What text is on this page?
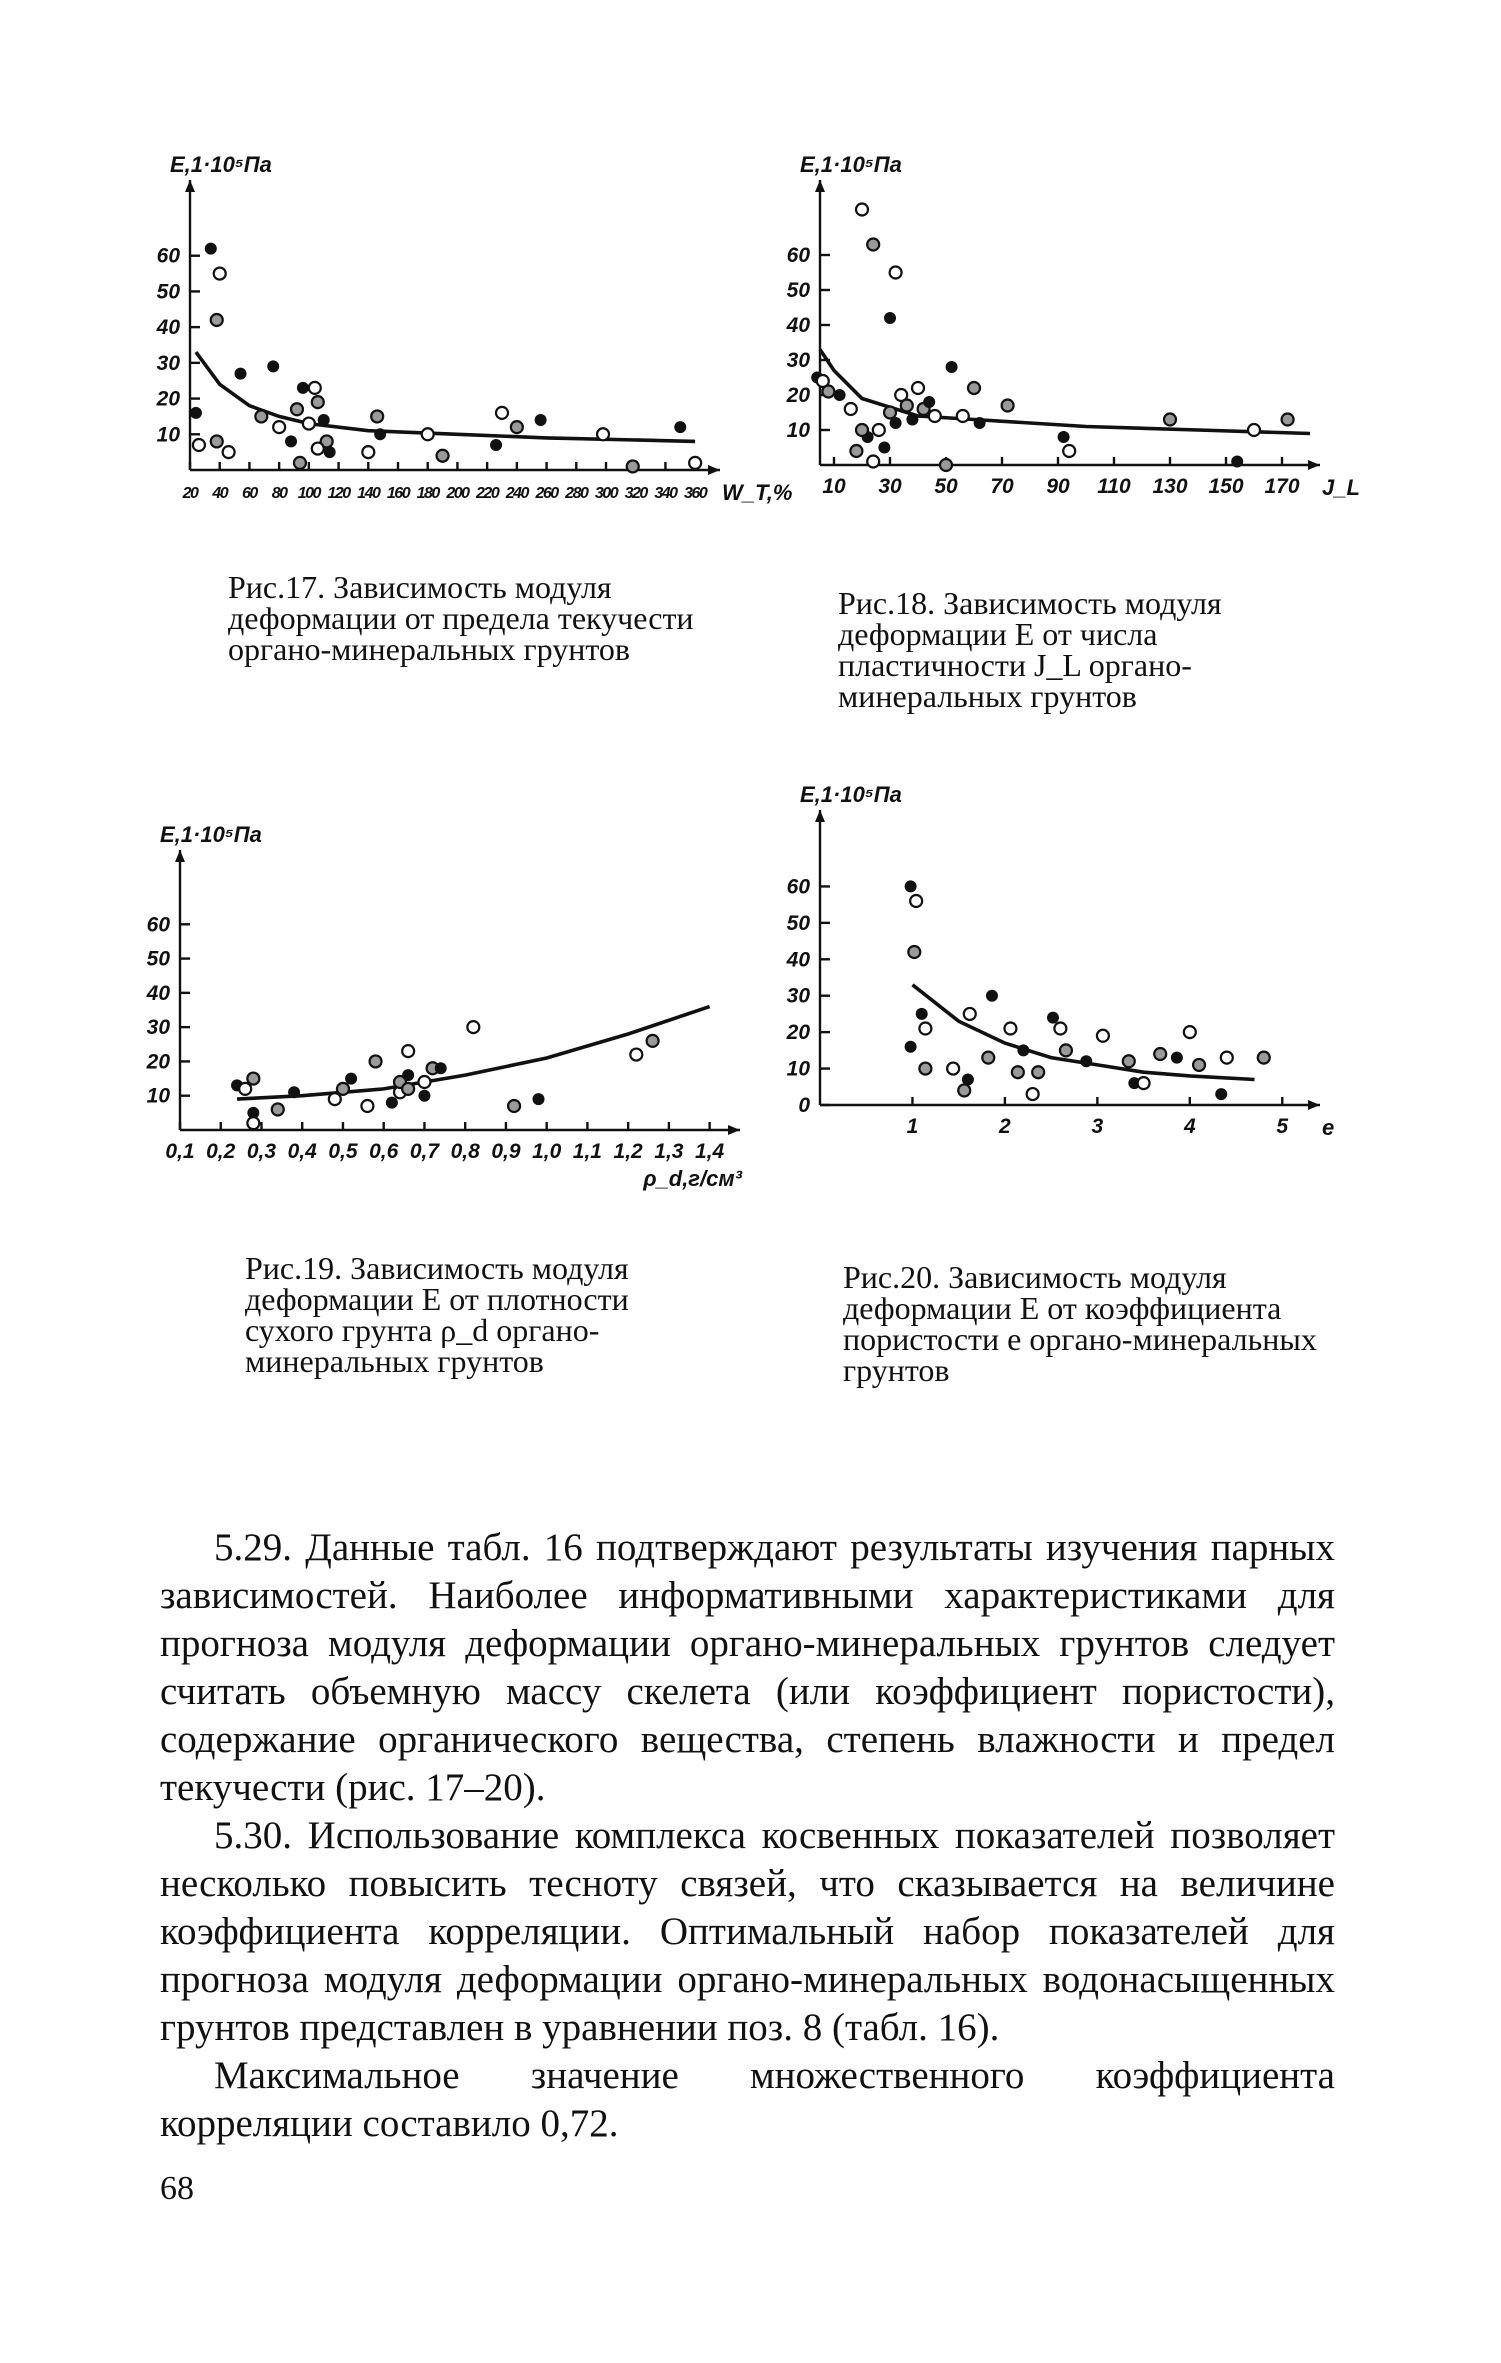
E,1·10⁵Па
60
50
40
30
20
10
20 40 60 80 100 120 140 160 180 200 220 240 260 280 300 320 340 360 W_T,%
Рис.17. Зависимость модуля деформации от предела текучести органо-минеральных грунтов
E,1·10⁵Па
60
50
40
30
20
10
10 30 50 70 90 110 130 150 170 J_L
Рис.18. Зависимость модуля деформации E от числа пластичности J_L органо-минеральных грунтов
E,1·10⁵Па
60
50
40
30
20
10
0,1 0,2 0,3 0,4 0,5 0,6 0,7 0,8 0,9 1,0 1,1 1,2 1,3 1,4
ρ_d,г/см³
Рис.19. Зависимость модуля деформации E от плотности сухого грунта ρ_d органо-минеральных грунтов
E,1·10⁵Па
60
50
40
30
20
10
0
1	2	3	4	5 e
Рис.20. Зависимость модуля деформации E от коэффициента пористости e органо-минеральных грунтов

5.29. Данные табл. 16 подтверждают результаты изучения парных зависимостей. Наиболее информативными характеристиками для прогноза модуля деформации органо-минеральных грунтов следует считать объемную массу скелета (или коэффициент пористости), содержание органического вещества, степень влажности и предел текучести (рис. 17–20).

5.30. Использование комплекса косвенных показателей позволяет несколько повысить тесноту связей, что сказывается на величине коэффициента корреляции. Оптимальный набор показателей для прогноза модуля деформации органо-минеральных водонасыщенных грунтов представлен в уравнении поз. 8 (табл. 16).

Максимальное значение множественного коэффициента корреляции составило 0,72.

68
